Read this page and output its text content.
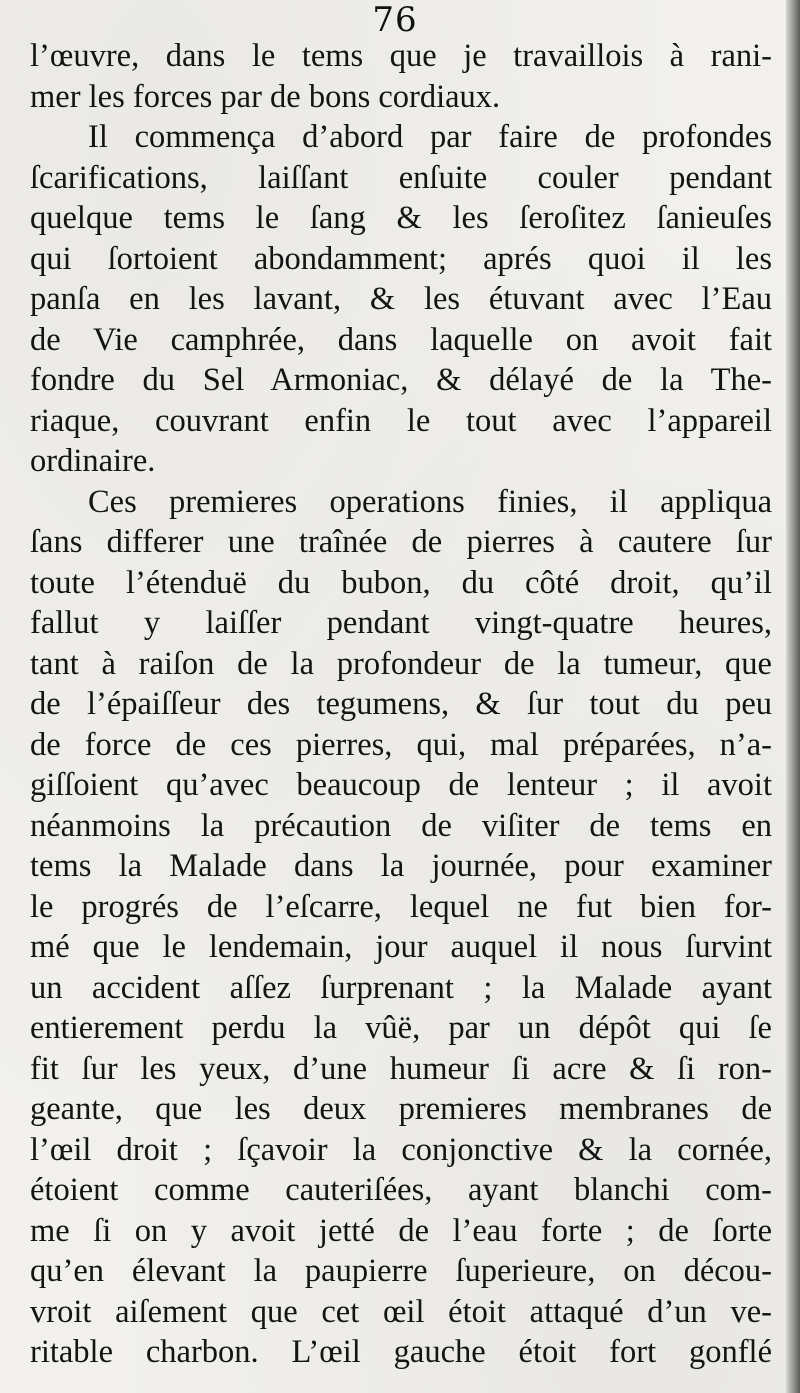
76
l’œuvre, dans le tems que je travaillois à rani-
mer les forces par de bons cordiaux.
Il commença d’abord par faire de profondes
ſcarifications, laiſſant enſuite couler pendant
quelque tems le ſang & les ſeroſitez ſanieuſes
qui ſortoient abondamment; aprés quoi il les
panſa en les lavant, & les étuvant avec l’Eau
de Vie camphrée, dans laquelle on avoit fait
fondre du Sel Armoniac, & délayé de la The-
riaque, couvrant enfin le tout avec l’appareil
ordinaire.
Ces premieres operations finies, il appliqua
ſans differer une traînée de pierres à cautere ſur
toute l’étenduë du bubon, du côté droit, qu’il
fallut y laiſſer pendant vingt-quatre heures,
tant à raiſon de la profondeur de la tumeur, que
de l’épaiſſeur des tegumens, & ſur tout du peu
de force de ces pierres, qui, mal préparées, n’a-
giſſoient qu’avec beaucoup de lenteur ; il avoit
néanmoins la précaution de viſiter de tems en
tems la Malade dans la journée, pour examiner
le progrés de l’eſcarre, lequel ne fut bien for-
mé que le lendemain, jour auquel il nous ſurvint
un accident aſſez ſurprenant ; la Malade ayant
entierement perdu la vûë, par un dépôt qui ſe
fit ſur les yeux, d’une humeur ſi acre & ſi ron-
geante, que les deux premieres membranes de
l’œil droit ; ſçavoir la conjonctive & la cornée,
étoient comme cauteriſées, ayant blanchi com-
me ſi on y avoit jetté de l’eau forte ; de ſorte
qu’en élevant la paupierre ſuperieure, on décou-
vroit aiſement que cet œil étoit attaqué d’un ve-
ritable charbon. L’œil gauche étoit fort gonflé
